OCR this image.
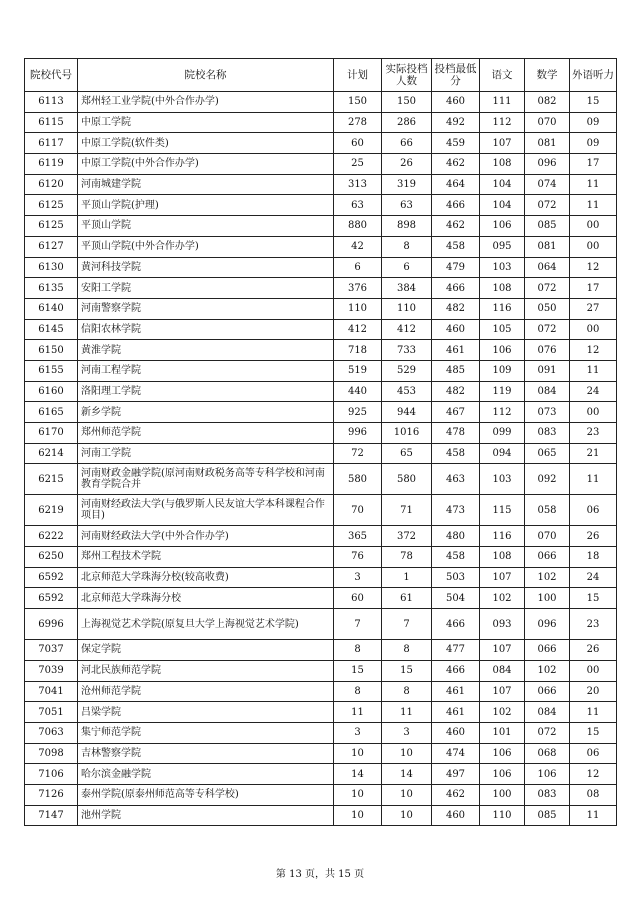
院校代号	院校名称	计划	实际投档人数	投档最低分	语文	数学	外语听力
6113	郑州轻工业学院(中外合作办学)	150	150	460	111	082	15
6115	中原工学院	278	286	492	112	070	09
6117	中原工学院(软件类)	60	66	459	107	081	09
6119	中原工学院(中外合作办学)	25	26	462	108	096	17
6120	河南城建学院	313	319	464	104	074	11
6125	平顶山学院(护理)	63	63	466	104	072	11
6125	平顶山学院	880	898	462	106	085	00
6127	平顶山学院(中外合作办学)	42	8	458	095	081	00
6130	黄河科技学院	6	6	479	103	064	12
6135	安阳工学院	376	384	466	108	072	17
6140	河南警察学院	110	110	482	116	050	27
6145	信阳农林学院	412	412	460	105	072	00
6150	黄淮学院	718	733	461	106	076	12
6155	河南工程学院	519	529	485	109	091	11
6160	洛阳理工学院	440	453	482	119	084	24
6165	新乡学院	925	944	467	112	073	00
6170	郑州师范学院	996	1016	478	099	083	23
6214	河南工学院	72	65	458	094	065	21
6215	河南财政金融学院(原河南财政税务高等专科学校和河南教育学院合并	580	580	463	103	092	11
6219	河南财经政法大学(与俄罗斯人民友谊大学本科课程合作项目)	70	71	473	115	058	06
6222	河南财经政法大学(中外合作办学)	365	372	480	116	070	26
6250	郑州工程技术学院	76	78	458	108	066	18
6592	北京师范大学珠海分校(较高收费)	3	1	503	107	102	24
6592	北京师范大学珠海分校	60	61	504	102	100	15
6996	上海视觉艺术学院(原复旦大学上海视觉艺术学院)	7	7	466	093	096	23
7037	保定学院	8	8	477	107	066	26
7039	河北民族师范学院	15	15	466	084	102	00
7041	沧州师范学院	8	8	461	107	066	20
7051	吕梁学院	11	11	461	102	084	11
7063	集宁师范学院	3	3	460	101	072	15
7098	吉林警察学院	10	10	474	106	068	06
7106	哈尔滨金融学院	14	14	497	106	106	12
7126	泰州学院(原泰州师范高等专科学校)	10	10	462	100	083	08
7147	池州学院	10	10	460	110	085	11
第 13 页，共 15 页
